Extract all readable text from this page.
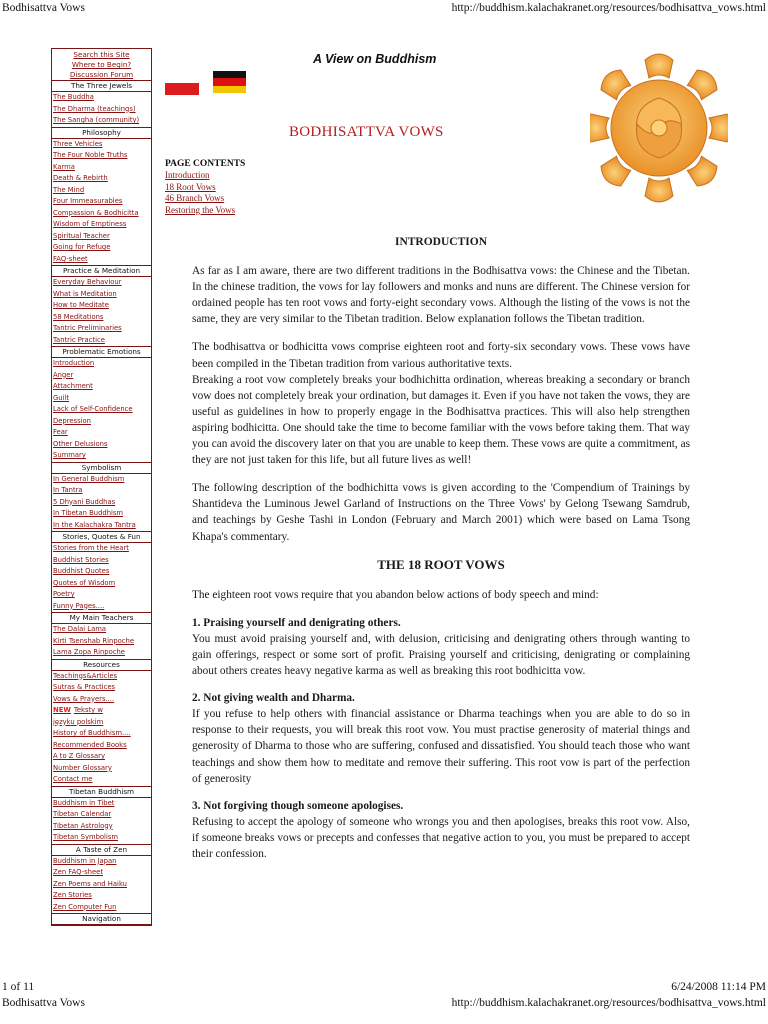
Bodhisattva Vows	http://buddhism.kalachakranet.org/resources/bodhisattva_vows.html
Search this Site
Where to Begin?
Discussion Forum
The Three Jewels
The Buddha
The Dharma (teachings)
The Sangha (community)
Philosophy
Three Vehicles
The Four Noble Truths
Karma
Death & Rebirth
The Mind
Four Immeasurables
Compassion & Bodhicitta
Wisdom of Emptiness
Spiritual Teacher
Going for Refuge
FAQ-sheet
Practice & Meditation
Everyday Behaviour
What is Meditation
How to Meditate
58 Meditations
Tantric Preliminaries
Tantric Practice
Problematic Emotions
Introduction
Anger
Attachment
Guilt
Lack of Self-Confidence
Depression
Fear
Other Delusions
Summary
Symbolism
In General Buddhism
In Tantra
5 Dhyani Buddhas
In Tibetan Buddhism
In the Kalachakra Tantra
Stories, Quotes & Fun
Stories from the Heart
Buddhist Stories
Buddhist Quotes
Quotes of Wisdom
Poetry
Funny Pages....
My Main Teachers
The Dalai Lama
Kirti Tsenshab Rinpoche
Lama Zopa Rinpoche
Resources
Teachings&Articles
Sutras & Practices
Vows & Prayers....
NEW Teksty w
języku polskim
History of Buddhism....
Recommended Books
A to Z Glossary
Number Glossary
Contact me
Tibetan Buddhism
Buddhism in Tibet
Tibetan Calendar
Tibetan Astrology
Tibetan Symbolism
A Taste of Zen
Buddhism in Japan
Zen FAQ-sheet
Zen Poems and Haiku
Zen Stories
Zen Computer Fun
Navigation
A View on Buddhism
BODHISATTVA VOWS
PAGE CONTENTS
Introduction
18 Root Vows
46 Branch Vows
Restoring the Vows
INTRODUCTION

As far as I am aware, there are two different traditions in the Bodhisattva vows: the Chinese and the Tibetan. In the chinese tradition, the vows for lay followers and monks and nuns are different. The Chinese version for ordained people has ten root vows and forty-eight secondary vows. Although the listing of the vows is not the same, they are very similar to the Tibetan tradition. Below explanation follows the Tibetan tradition.

The bodhisattva or bodhicitta vows comprise eighteen root and forty-six secondary vows. These vows have been compiled in the Tibetan tradition from various authoritative texts.

Breaking a root vow completely breaks your bodhichitta ordination, whereas breaking a secondary or branch vow does not completely break your ordination, but damages it. Even if you have not taken the vows, they are useful as guidelines in how to properly engage in the Bodhisattva practices. This will also help strengthen aspiring bodhicitta. One should take the time to become familiar with the vows before taking them. That way you can avoid the discovery later on that you are unable to keep them. These vows are quite a commitment, as they are not just taken for this life, but all future lives as well!

The following description of the bodhichitta vows is given according to the 'Compendium of Trainings by Shantideva the Luminous Jewel Garland of Instructions on the Three Vows' by Gelong Tsewang Samdrub, and teachings by Geshe Tashi in London (February and March 2001) which were based on Lama Tsong Khapa's commentary.

THE 18 ROOT VOWS

The eighteen root vows require that you abandon below actions of body speech and mind:

1. Praising yourself and denigrating others.

You must avoid praising yourself and, with delusion, criticising and denigrating others through wanting to gain offerings, respect or some sort of profit. Praising yourself and criticising, denigrating or complaining about others creates heavy negative karma as well as breaking this root bodhicitta vow.

2. Not giving wealth and Dharma.

If you refuse to help others with financial assistance or Dharma teachings when you are able to do so in response to their requests, you will break this root vow. You must practise generosity of material things and generosity of Dharma to those who are suffering, confused and dissatisfied. You should teach those who want teachings and show them how to meditate and remove their suffering. This root vow is part of the perfection of generosity

3. Not forgiving though someone apologises.

Refusing to accept the apology of someone who wrongs you and then apologises, breaks this root vow. Also, if someone breaks vows or precepts and confesses that negative action to you, you must be prepared to accept their confession.

1 of 11	6/24/2008 11:14 PM
Bodhisattva Vows	http://buddhism.kalachakranet.org/resources/bodhisattva_vows.html
